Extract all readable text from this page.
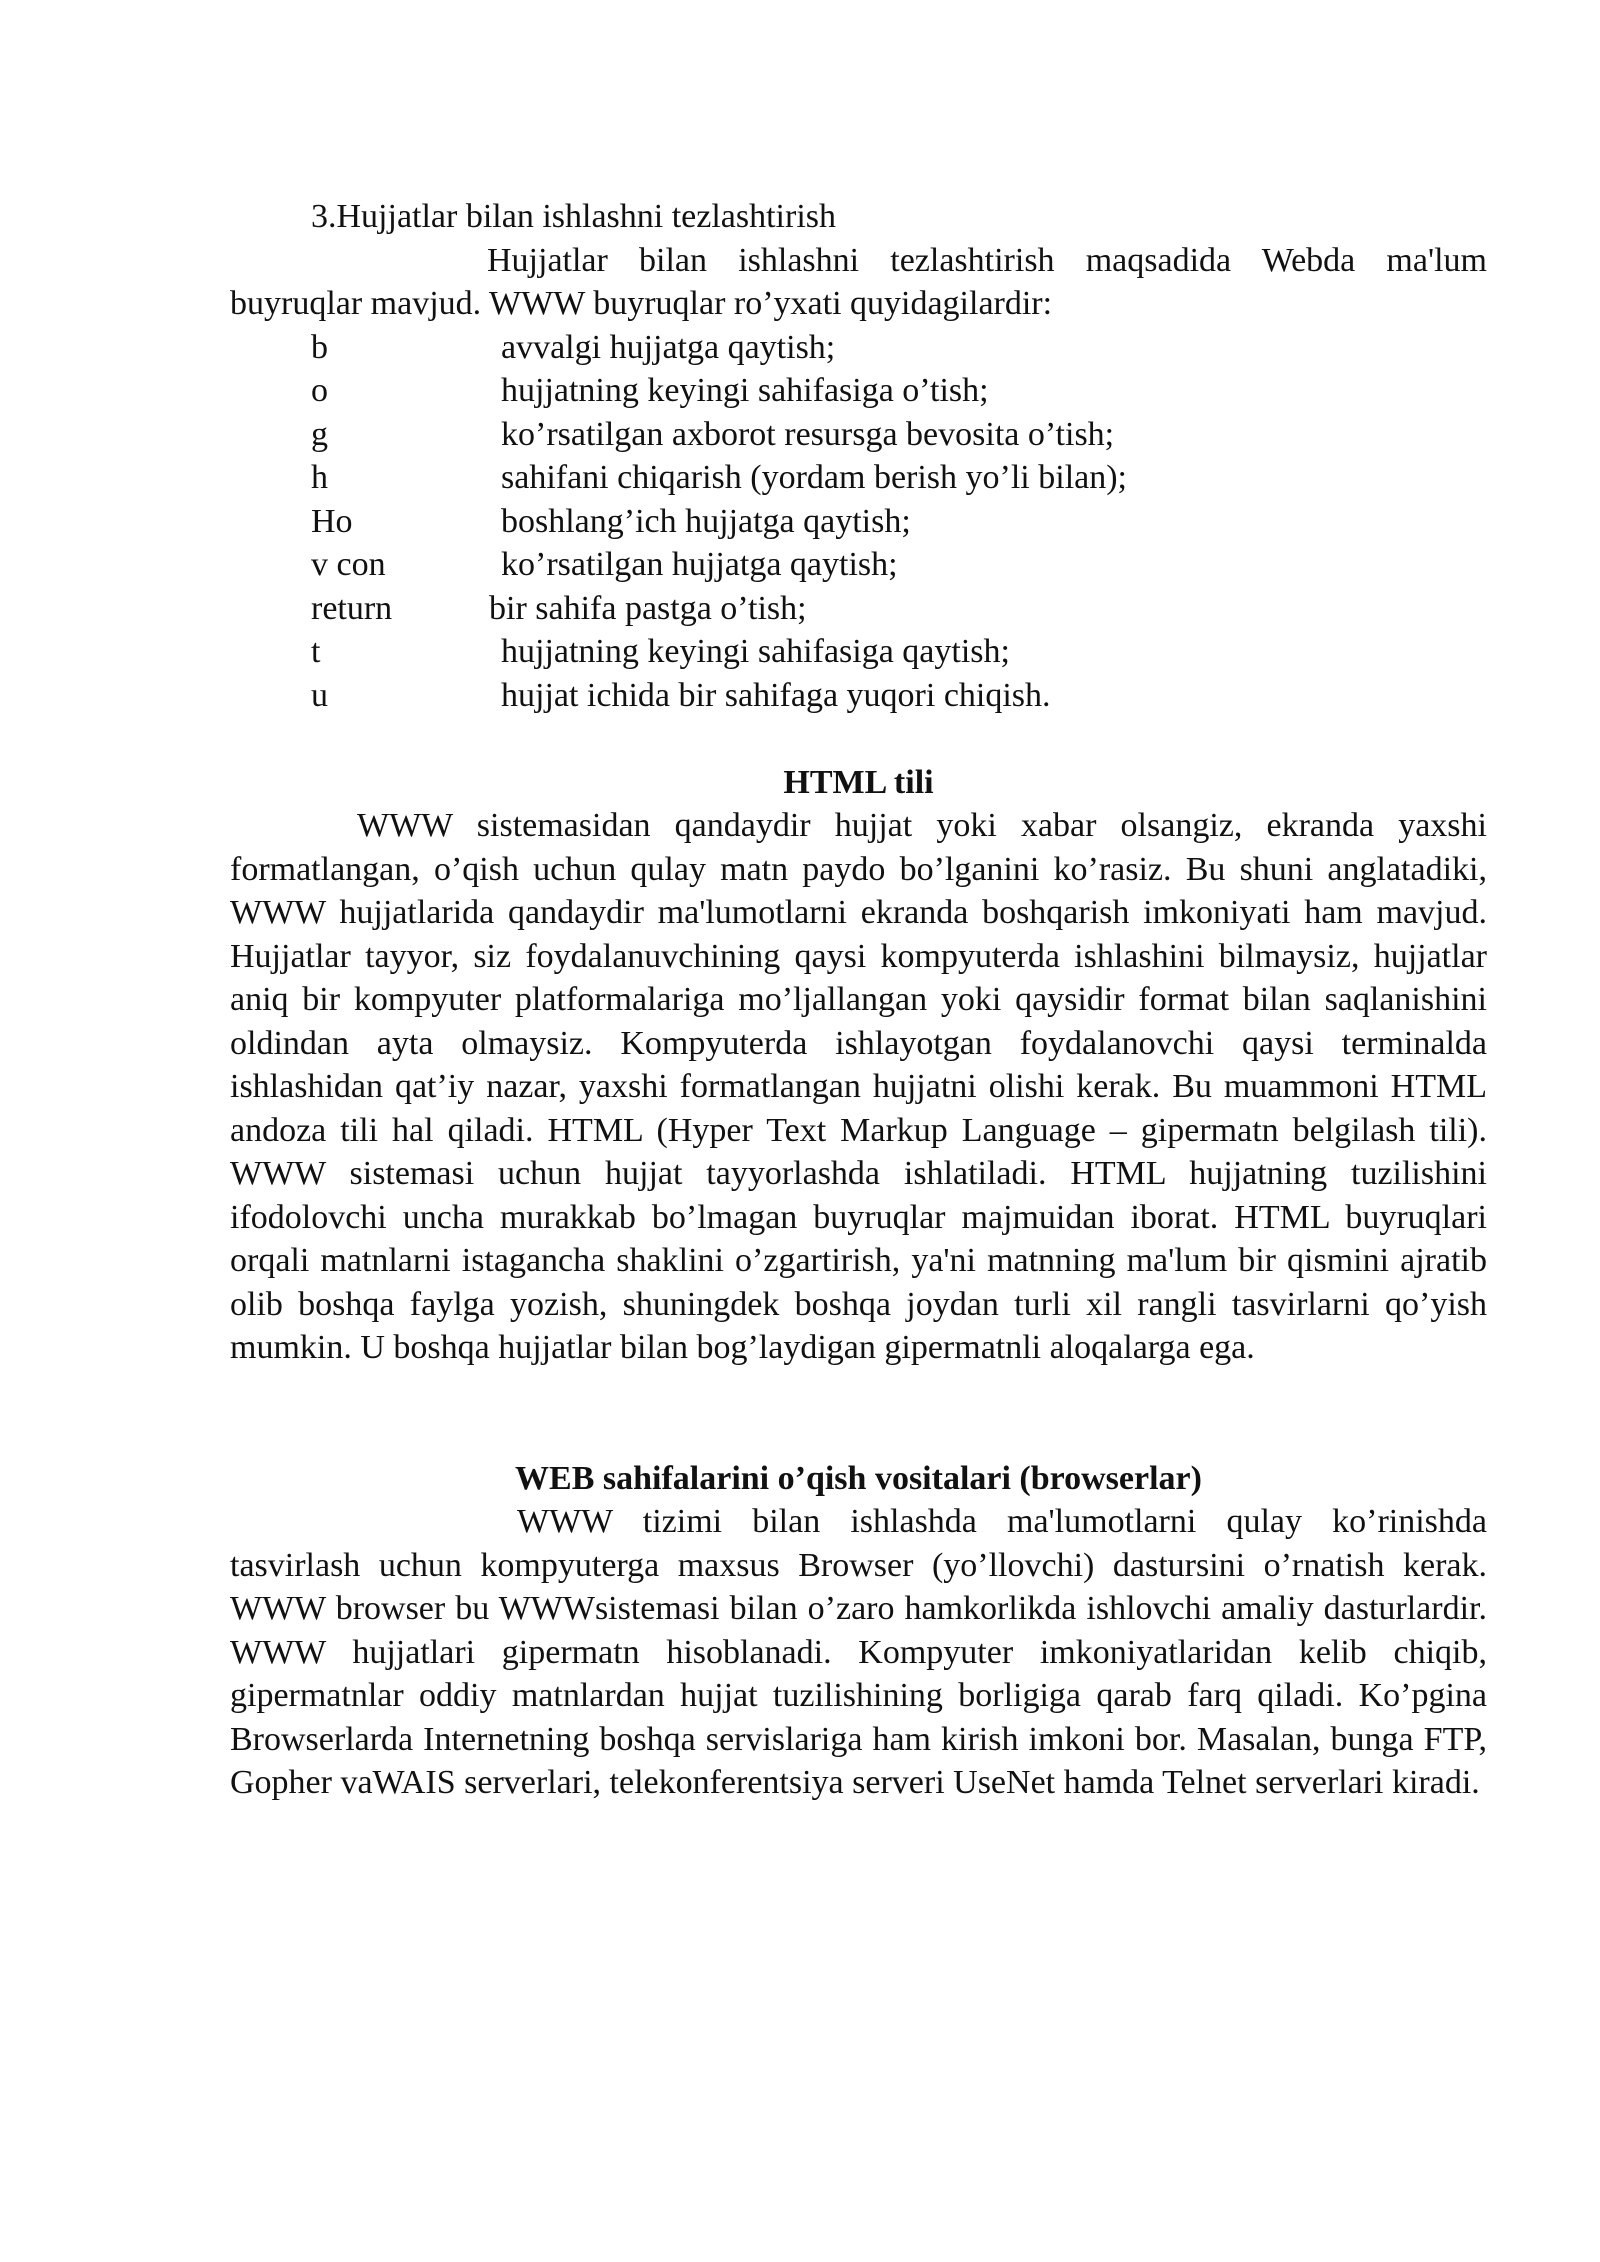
3.Hujjatlar bilan ishlashni tezlashtirish

Hujjatlar bilan ishlashni tezlashtirish maqsadida Webda ma'lum buyruqlar mavjud. WWW buyruqlar ro’yxati quyidagilardir:

b	avvalgi hujjatga qaytish;
o	hujjatning keyingi sahifasiga o’tish;
g	ko’rsatilgan axborot resursga bevosita o’tish;
h	sahifani chiqarish (yordam berish yo’li bilan);
Ho	boshlang’ich hujjatga qaytish;
v con	ko’rsatilgan hujjatga qaytish;
return	bir sahifa pastga o’tish;
t	hujjatning keyingi sahifasiga qaytish;
u	hujjat ichida bir sahifaga yuqori chiqish.
HTML tili

WWW sistemasidan qandaydir hujjat yoki xabar olsangiz, ekranda yaxshi formatlangan, o’qish uchun qulay matn paydo bo’lganini ko’rasiz. Bu shuni anglatadiki, WWW hujjatlarida qandaydir ma'lumotlarni ekranda boshqarish imkoniyati ham mavjud. Hujjatlar tayyor, siz foydalanuvchining qaysi kompyuterda ishlashini bilmaysiz, hujjatlar aniq bir kompyuter platformalariga mo’ljallangan yoki qaysidir format bilan saqlanishini oldindan ayta olmaysiz. Kompyuterda ishlayotgan foydalanovchi qaysi terminalda ishlashidan qat’iy nazar, yaxshi formatlangan hujjatni olishi kerak. Bu muammoni HTML andoza tili hal qiladi. HTML (Hyper Text Markup Language – gipermatn belgilash tili). WWW sistemasi uchun hujjat tayyorlashda ishlatiladi. HTML hujjatning tuzilishini ifodolovchi uncha murakkab bo’lmagan buyruqlar majmuidan iborat. HTML buyruqlari orqali matnlarni istagancha shaklini o’zgartirish, ya'ni matnning ma'lum bir qismini ajratib olib boshqa faylga yozish, shuningdek boshqa joydan turli xil rangli tasvirlarni qo’yish mumkin. U boshqa hujjatlar bilan bog’laydigan gipermatnli aloqalarga ega.

WEB sahifalarini o’qish vositalari (browserlar)

WWW tizimi bilan ishlashda ma'lumotlarni qulay ko’rinishda tasvirlash uchun kompyuterga maxsus Browser (yo’llovchi) dastursini o’rnatish kerak. WWW browser bu WWWsistemasi bilan o’zaro hamkorlikda ishlovchi amaliy dasturlardir. WWW hujjatlari gipermatn hisoblanadi. Kompyuter imkoniyatlaridan kelib chiqib, gipermatnlar oddiy matnlardan hujjat tuzilishining borligiga qarab farq qiladi. Ko’pgina Browserlarda Internetning boshqa servislariga ham kirish imkoni bor. Masalan, bunga FTP, Gopher vaWAIS serverlari, telekonferentsiya serveri UseNet hamda Telnet serverlari kiradi.
